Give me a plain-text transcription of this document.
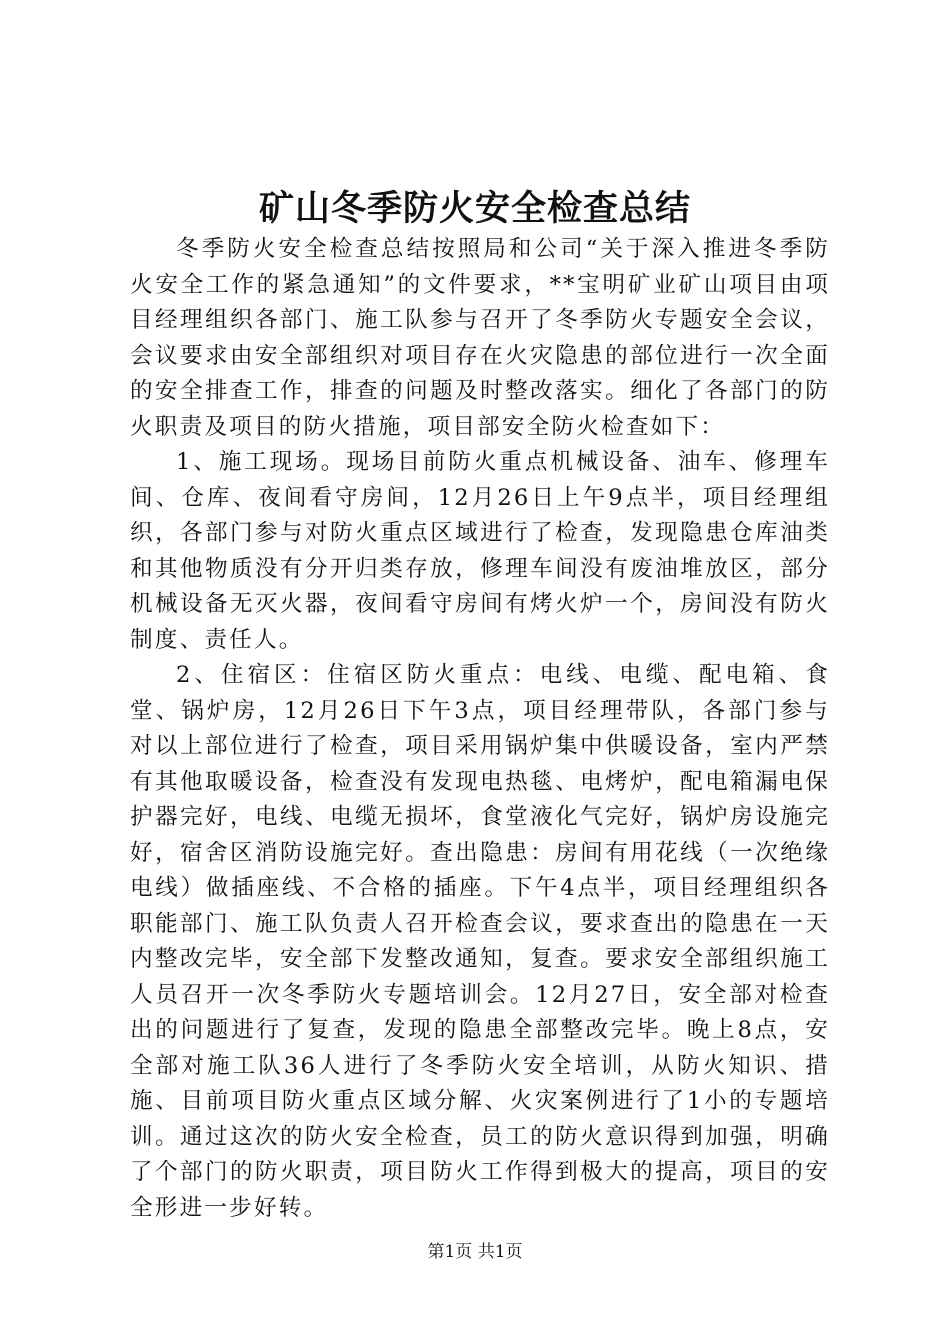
矿山冬季防火安全检查总结

冬季防火安全检查总结按照局和公司“关于深入推进冬季防火安全工作的紧急通知”的文件要求，**宝明矿业矿山项目由项目经理组织各部门、施工队参与召开了冬季防火专题安全会议，会议要求由安全部组织对项目存在火灾隐患的部位进行一次全面的安全排查工作，排查的问题及时整改落实。细化了各部门的防火职责及项目的防火措施，项目部安全防火检查如下：

1、施工现场。现场目前防火重点机械设备、油车、修理车间、仓库、夜间看守房间，12月26日上午9点半，项目经理组织，各部门参与对防火重点区域进行了检查，发现隐患仓库油类和其他物质没有分开归类存放，修理车间没有废油堆放区，部分机械设备无灭火器，夜间看守房间有烤火炉一个，房间没有防火制度、责任人。

2、住宿区：住宿区防火重点：电线、电缆、配电箱、食堂、锅炉房，12月26日下午3点，项目经理带队，各部门参与对以上部位进行了检查，项目采用锅炉集中供暖设备，室内严禁有其他取暖设备，检查没有发现电热毯、电烤炉，配电箱漏电保护器完好，电线、电缆无损坏，食堂液化气完好，锅炉房设施完好，宿舍区消防设施完好。查出隐患：房间有用花线（一次绝缘电线）做插座线、不合格的插座。下午4点半，项目经理组织各职能部门、施工队负责人召开检查会议，要求查出的隐患在一天内整改完毕，安全部下发整改通知，复查。要求安全部组织施工人员召开一次冬季防火专题培训会。12月27日，安全部对检查出的问题进行了复查，发现的隐患全部整改完毕。晚上8点，安全部对施工队36人进行了冬季防火安全培训，从防火知识、措施、目前项目防火重点区域分解、火灾案例进行了1小的专题培训。通过这次的防火安全检查，员工的防火意识得到加强，明确了个部门的防火职责，项目防火工作得到极大的提高，项目的安全形进一步好转。

第1页 共1页
